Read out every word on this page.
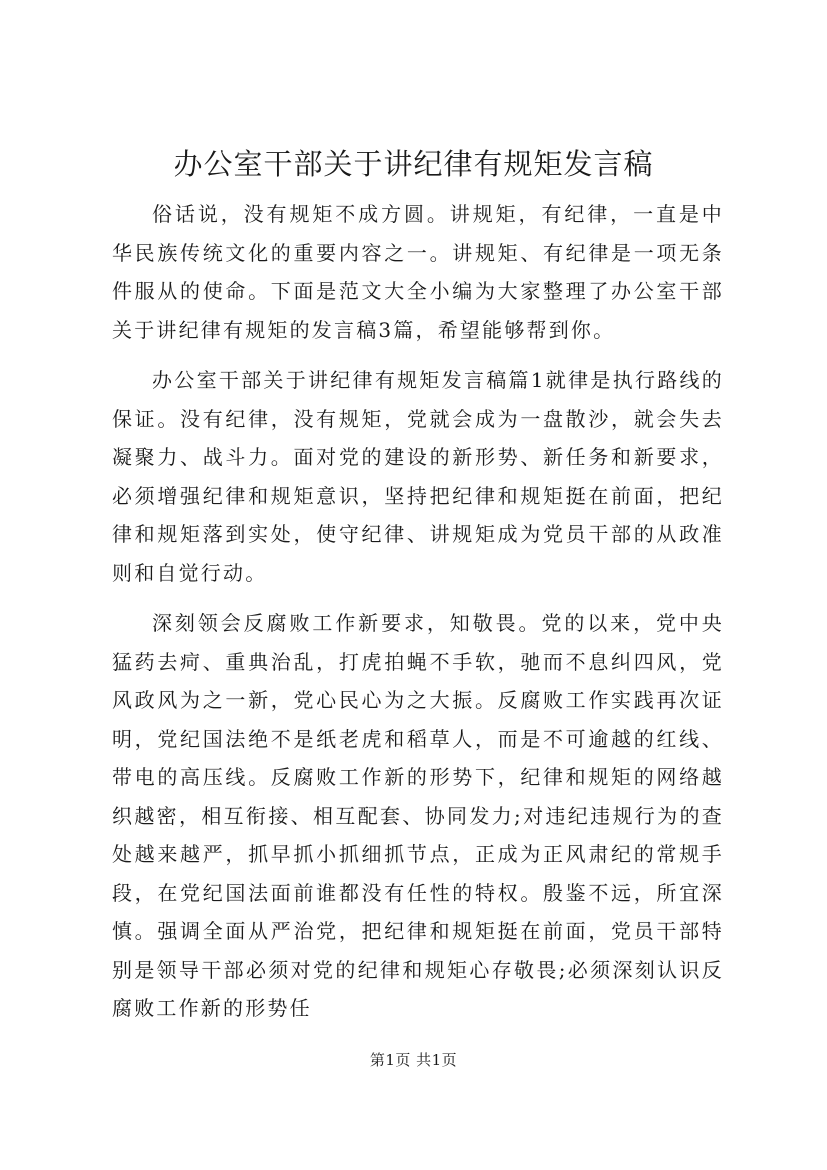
办公室干部关于讲纪律有规矩发言稿

俗话说，没有规矩不成方圆。讲规矩，有纪律，一直是中华民族传统文化的重要内容之一。讲规矩、有纪律是一项无条件服从的使命。下面是范文大全小编为大家整理了办公室干部关于讲纪律有规矩的发言稿3篇，希望能够帮到你。

办公室干部关于讲纪律有规矩发言稿篇1就律是执行路线的保证。没有纪律，没有规矩，党就会成为一盘散沙，就会失去凝聚力、战斗力。面对党的建设的新形势、新任务和新要求，必须增强纪律和规矩意识，坚持把纪律和规矩挺在前面，把纪律和规矩落到实处，使守纪律、讲规矩成为党员干部的从政准则和自觉行动。

深刻领会反腐败工作新要求，知敬畏。党的以来，党中央猛药去疴、重典治乱，打虎拍蝇不手软，驰而不息纠四风，党风政风为之一新，党心民心为之大振。反腐败工作实践再次证明，党纪国法绝不是纸老虎和稻草人，而是不可逾越的红线、带电的高压线。反腐败工作新的形势下，纪律和规矩的网络越织越密，相互衔接、相互配套、协同发力;对违纪违规行为的查处越来越严，抓早抓小抓细抓节点，正成为正风肃纪的常规手段，在党纪国法面前谁都没有任性的特权。殷鉴不远，所宜深慎。强调全面从严治党，把纪律和规矩挺在前面，党员干部特别是领导干部必须对党的纪律和规矩心存敬畏;必须深刻认识反腐败工作新的形势任

第1页 共1页
